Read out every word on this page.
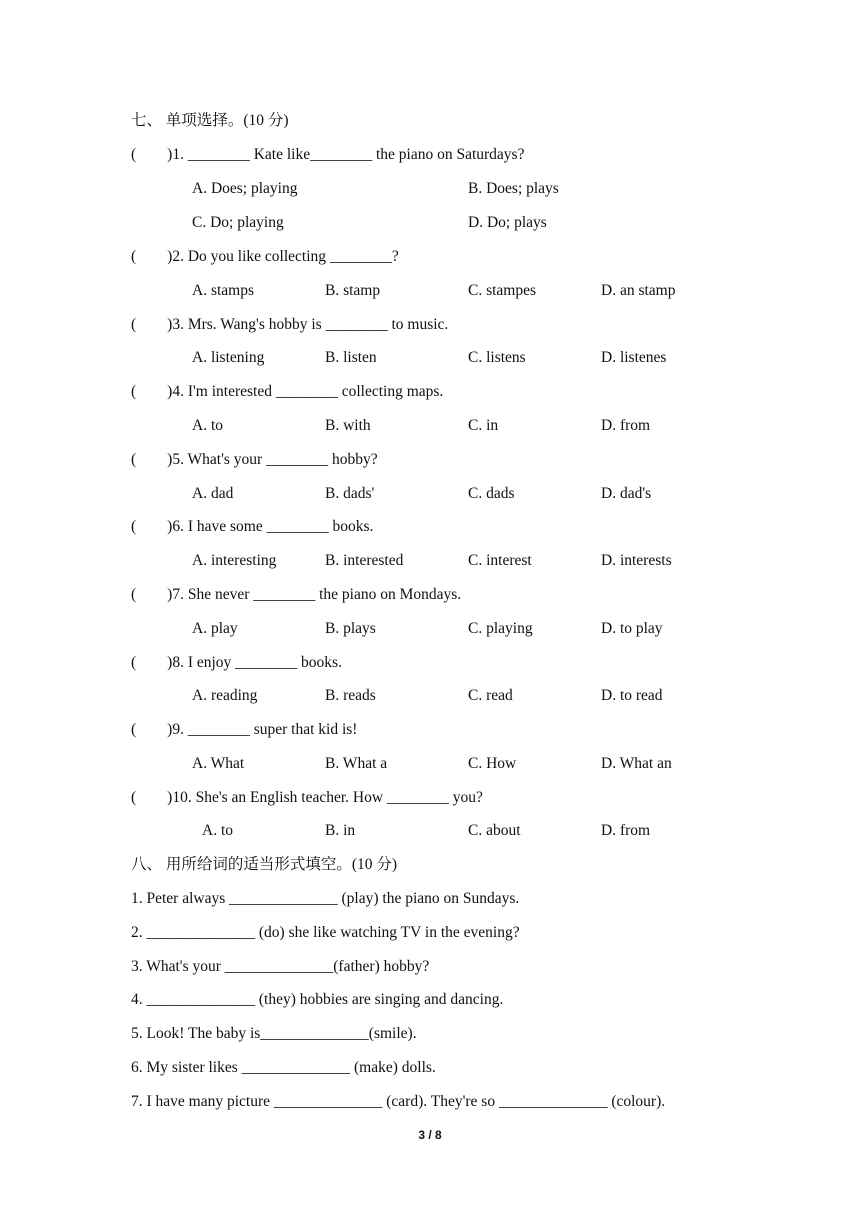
七、 单项选择。(10 分)
(        )1. ________ Kate like________ the piano on Saturdays?
A. Does; playing	B. Does; plays
C. Do; playing	D. Do; plays
(        )2. Do you like collecting ________?
A. stamps	B. stamp	C. stampes	D. an stamp
(        )3. Mrs. Wang's hobby is ________ to music.
A. listening	B. listen	C. listens	D. listenes
(        )4. I'm interested ________ collecting maps.
A. to	B. with	C. in	D. from
(        )5. What's your ________ hobby?
A. dad	B. dads'	C. dads	D. dad's
(        )6. I have some ________ books.
A. interesting	B. interested	C. interest	D. interests
(        )7. She never ________ the piano on Mondays.
A. play	B. plays	C. playing	D. to play
(        )8. I enjoy ________ books.
A. reading	B. reads	C. read	D. to read
(        )9. ________ super that kid is!
A. What	B. What a	C. How	D. What an
(        )10. She's an English teacher. How ________ you?
A. to	B. in	C. about	D. from
八、 用所给词的适当形式填空。(10 分)
1. Peter always ______________ (play) the piano on Sundays.
2. ______________ (do) she like watching TV in the evening?
3. What's your ______________(father) hobby?
4. ______________ (they) hobbies are singing and dancing.
5. Look! The baby is______________(smile).
6. My sister likes ______________ (make) dolls.
7. I have many picture ______________ (card). They're so ______________ (colour).
3 / 8
